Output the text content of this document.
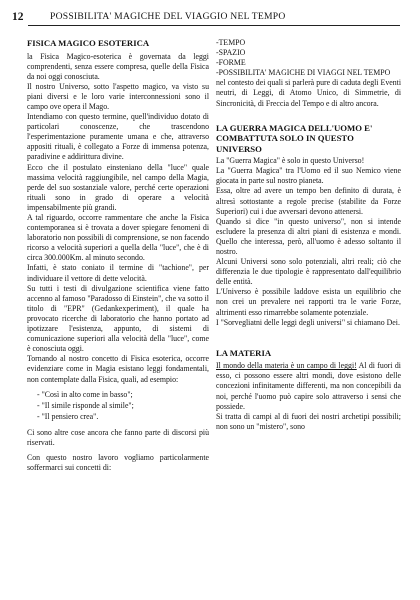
12	POSSIBILITA' MAGICHE DEL VIAGGIO NEL TEMPO
FISICA MAGICO ESOTERICA

la Fisica Magico-esoterica è governata da leggi comprendenti, senza essere compresa, quelle della Fisica da noi oggi conosciuta.

Il nostro Universo, sotto l'aspetto magico, va visto su piani diversi e le loro varie interconnessioni sono il campo ove opera il Mago.

Intendiamo con questo termine, quell'individuo dotato di particolari conoscenze, che trascendono l'esperimentazione puramente umana e che, attraverso appositi rituali, è collegato a Forze di immensa potenza, paradivine e addirittura divine.

Ecco che il postulato einsteniano della "luce" quale massima velocità raggiungibile, nel campo della Magia, perde del suo sostanziale valore, perché certe operazioni rituali sono in grado di operare a velocità impensabilmente più grandi.

A tal riguardo, occorre rammentare che anche la Fisica contemporanea si è trovata a dover spiegare fenomeni di laboratorio non possibili di comprensione, se non facendo ricorso a velocità superiori a quella della "luce", che è di circa 300.000Km. al minuto secondo.

Infatti, è stato coniato il termine di "tachione", per individuare il vettore di dette velocità.

Su tutti i testi di divulgazione scientifica viene fatto accenno al famoso "Paradosso di Einstein", che va sotto il titolo di "EPR" (Gedankexperiment), il quale ha provocato ricerche di laboratorio che hanno portato ad ipotizzare l'esistenza, appunto, di sistemi di comunicazione superiori alla velocità della "luce", come è conosciuta oggi.

Tornando al nostro concetto di Fisica esoterica, occorre evidenziare come in Magia esistano leggi fondamentali, non contemplate dalla Fisica, quali, ad esempio:

- "Così in alto come in basso";
- "Il simile risponde al simile";
- "Il pensiero crea".

Ci sono altre cose ancora che fanno parte di discorsi più riservati.

Con questo nostro lavoro vogliamo particolarmente soffermarci sui concetti di:

-TEMPO
-SPAZIO
-FORME
-POSSIBILITA' MAGICHE DI VIAGGI NEL TEMPO

nel contesto dei quali si parlerà pure di caduta degli Eventi neutri, di Leggi, di Atomo Unico, di Simmetrie, di Sincronicità, di Freccia del Tempo e di altro ancora.

LA GUERRA MAGICA DELL'UOMO E' COMBATTUTA SOLO IN QUESTO UNIVERSO

La "Guerra Magica" è solo in questo Universo!

La "Guerra Magica" tra l'Uomo ed il suo Nemico viene giocata in parte sul nostro pianeta.

Essa, oltre ad avere un tempo ben definito di durata, è altresì sottostante a regole precise (stabilite da Forze Superiori) cui i due avversari devono attenersi.

Quando si dice "in questo universo", non si intende escludere la presenza di altri piani di esistenza e mondi. Quello che interessa, però, all'uomo è adesso soltanto il nostro.

Alcuni Universi sono solo potenziali, altri reali; ciò che differenzia le due tipologie è rappresentato dall'equilibrio delle entità.

L'Universo è possibile laddove esista un equilibrio che non crei un prevalere nei rapporti tra le varie Forze, altrimenti esso rimarrebbe solamente potenziale.

I "Sorvegliatni delle leggi degli universi" si chiamano Dei.

LA MATERIA

Il mondo della materia è un campo di leggi! Al di fuori di esso, ci possono essere altri mondi, dove esistono delle concezioni infinitamente differenti, ma non concepibili da noi, perché l'uomo può capire solo attraverso i sensi che possiede.

Si tratta di campi al di fuori dei nostri archetipi possibili; non sono un "mistero", sono
